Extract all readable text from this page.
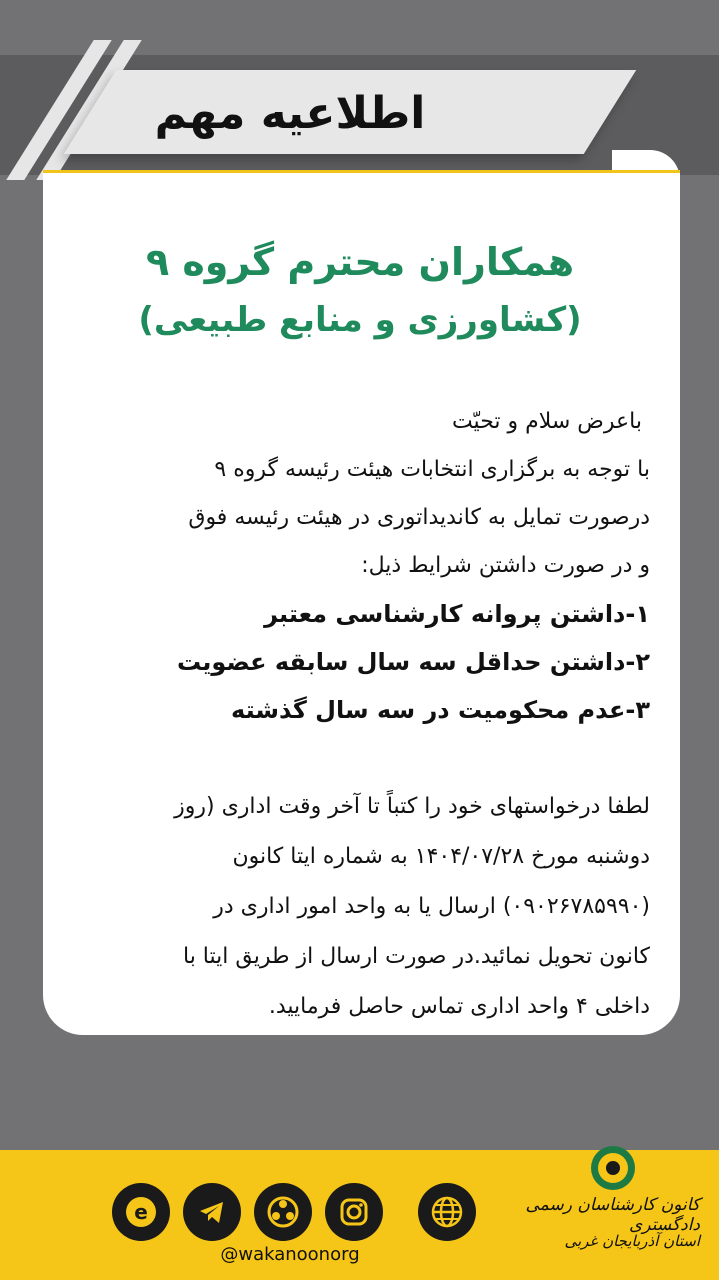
اطلاعیه مهم
همکاران محترم گروه ۹
(کشاورزی و منابع طبیعی)
باعرض سلام و تحیّت
با توجه به برگزاری انتخابات هیئت رئیسه گروه ۹
درصورت تمایل به کاندیداتوری در هیئت رئیسه فوق
و در صورت داشتن شرایط ذیل:
۱-داشتن پروانه کارشناسی معتبر
۲-داشتن حداقل سه سال سابقه عضویت
۳-عدم محکومیت در سه سال گذشته
لطفا درخواستهای خود را کتباً تا آخر وقت اداری (روز
دوشنبه مورخ ۱۴۰۴/۰۷/۲۸ به شماره ایتا کانون
(۰۹۰۲۶۷۸۵۹۹۰) ارسال یا به واحد امور اداری در
کانون تحویل نمائید.در صورت ارسال از طریق ایتا با
داخلی ۴ واحد اداری تماس حاصل فرمایید.
e
@wakanoonorg
کانون کارشناسان رسمی دادگستری
استان آذربایجان غربی
